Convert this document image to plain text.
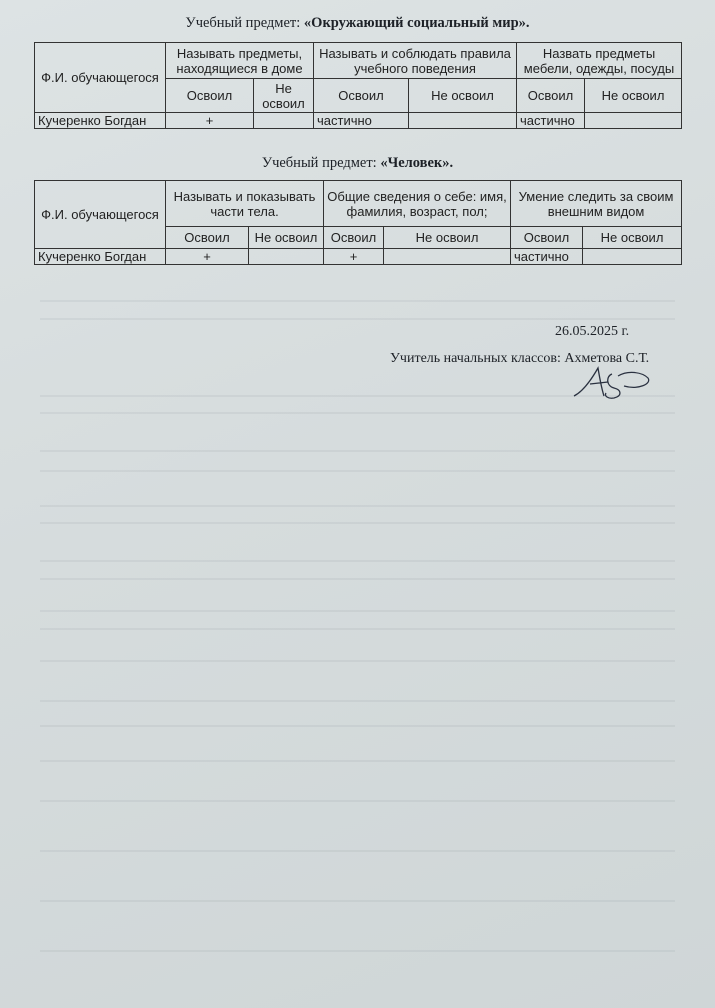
Учебный предмет: «Окружающий социальный мир».
Ф.И. обучающегося	Называть предметы, находящиеся в доме		Называть и соблюдать правила учебного поведения		Назвать предметы мебели, одежды, посуды	
	Освоил	Не освоил	Освоил	Не освоил	Освоил	Не освоил
Кучеренко Богдан	+		частично		частично	
Учебный предмет: «Человек».
Ф.И. обучающегося	Называть и показывать части тела.		Общие сведения о себе: имя, фамилия, возраст, пол;		Умение следить за своим внешним видом	
	Освоил	Не освоил	Освоил	Не освоил	Освоил	Не освоил
Кучеренко Богдан	+		+		частично	
26.05.2025 г.
Учитель начальных классов: Ахметова С.Т.
